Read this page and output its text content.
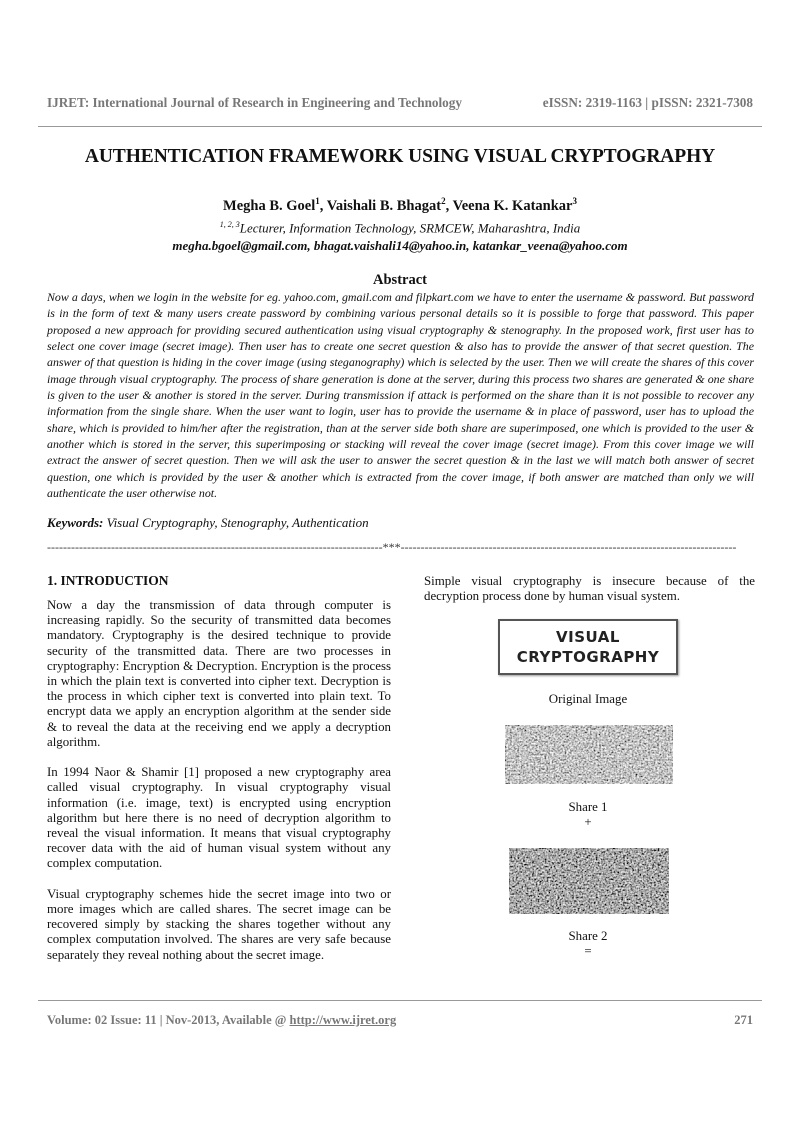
IJRET: International Journal of Research in Engineering and Technology	eISSN: 2319-1163 | pISSN: 2321-7308
AUTHENTICATION FRAMEWORK USING VISUAL CRYPTOGRAPHY
Megha B. Goel$^1$, Vaishali B. Bhagat$^2$, Veena K. Katankar$^3$
$^{1, 2, 3}$Lecturer, Information Technology, SRMCEW, Maharashtra, India
megha.bgoel@gmail.com, bhagat.vaishali14@yahoo.in, katankar_veena@yahoo.com
Abstract
Now a days, when we login in the website for eg. yahoo.com, gmail.com and filpkart.com we have to enter the username & password. But password is in the form of text & many users create password by combining various personal details so it is possible to forge that password. This paper proposed a new approach for providing secured authentication using visual cryptography & stenography. In the proposed work, first user has to select one cover image (secret image). Then user has to create one secret question & also has to provide the answer of that secret question. The answer of that question is hiding in the cover image (using steganography) which is selected by the user. Then we will create the shares of this cover image through visual cryptography. The process of share generation is done at the server, during this process two shares are generated & one share is given to the user & another is stored in the server. During transmission if attack is performed on the share than it is not possible to recover any information from the single share. When the user want to login, user has to provide the username & in place of password, user has to upload the share, which is provided to him/her after the registration, than at the server side both share are superimposed, one which is provided to the user & another which is stored in the server, this superimposing or stacking will reveal the cover image (secret image). From this cover image we will extract the answer of secret question. Then we will ask the user to answer the secret question & in the last we will match both answer of secret question, one which is provided by the user & another which is extracted from the cover image, if both answer are matched than only we will authenticate the user otherwise not.
Keywords: Visual Cryptography, Stenography, Authentication
------------------------------------------------------------------------------------***------------------------------------------------------------------------------------
1. INTRODUCTION

Now a day the transmission of data through computer is increasing rapidly. So the security of transmitted data becomes mandatory. Cryptography is the desired technique to provide security of the transmitted data. There are two processes in cryptography: Encryption & Decryption. Encryption is the process in which the plain text is converted into cipher text. Decryption is the process in which cipher text is converted into plain text. To encrypt data we apply an encryption algorithm at the sender side & to reveal the data at the receiving end we apply a decryption algorithm.

In 1994 Naor & Shamir [1] proposed a new cryptography area called visual cryptography. In visual cryptography visual information (i.e. image, text) is encrypted using encryption algorithm but here there is no need of decryption algorithm to reveal the visual information. It means that visual cryptography recover data with the aid of human visual system without any complex computation.

Visual cryptography schemes hide the secret image into two or more images which are called shares. The secret image can be recovered simply by stacking the shares together without any complex computation involved. The shares are very safe because separately they reveal nothing about the secret image.

Simple visual cryptography is insecure because of the decryption process done by human visual system.

VISUAL
CRYPTOGRAPHY
Original Image
Share 1
+
Share 2
=
Volume: 02 Issue: 11 | Nov-2013, Available @ http://www.ijret.org	271
